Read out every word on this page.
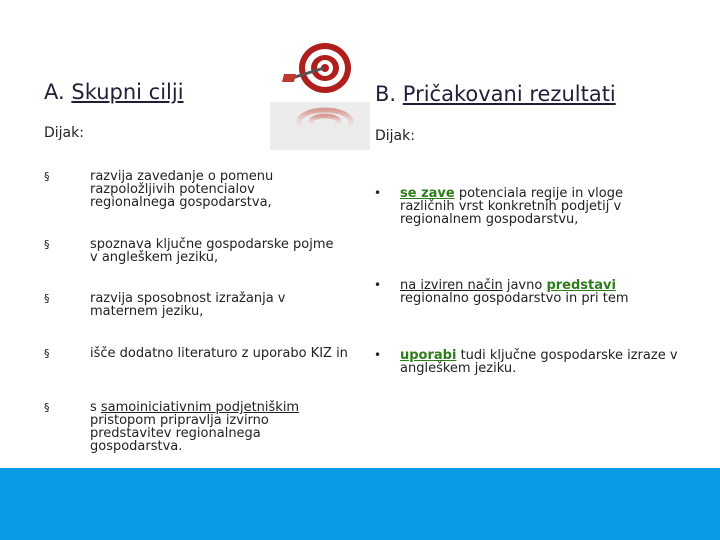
A. Skupni cilji
Dijak:
§	razvija zavedanje o pomenu razpoložljivih potencialov regionalnega gospodarstva,
§	spoznava ključne gospodarske pojme v angleškem jeziku,
§	razvija sposobnost izražanja v maternem jeziku,
§	išče dodatno literaturo z uporabo KIZ in
§	s samoiniciativnim podjetniškim pristopom pripravlja izvirno predstavitev regionalnega gospodarstva.
B. Pričakovani rezultati
Dijak:
• se zave potenciala regije in vloge različnih vrst konkretnih podjetij v regionalnem gospodarstvu,
• na izviren način javno predstavi regionalno gospodarstvo in pri tem
• uporabi tudi ključne gospodarske izraze v angleškem jeziku.
